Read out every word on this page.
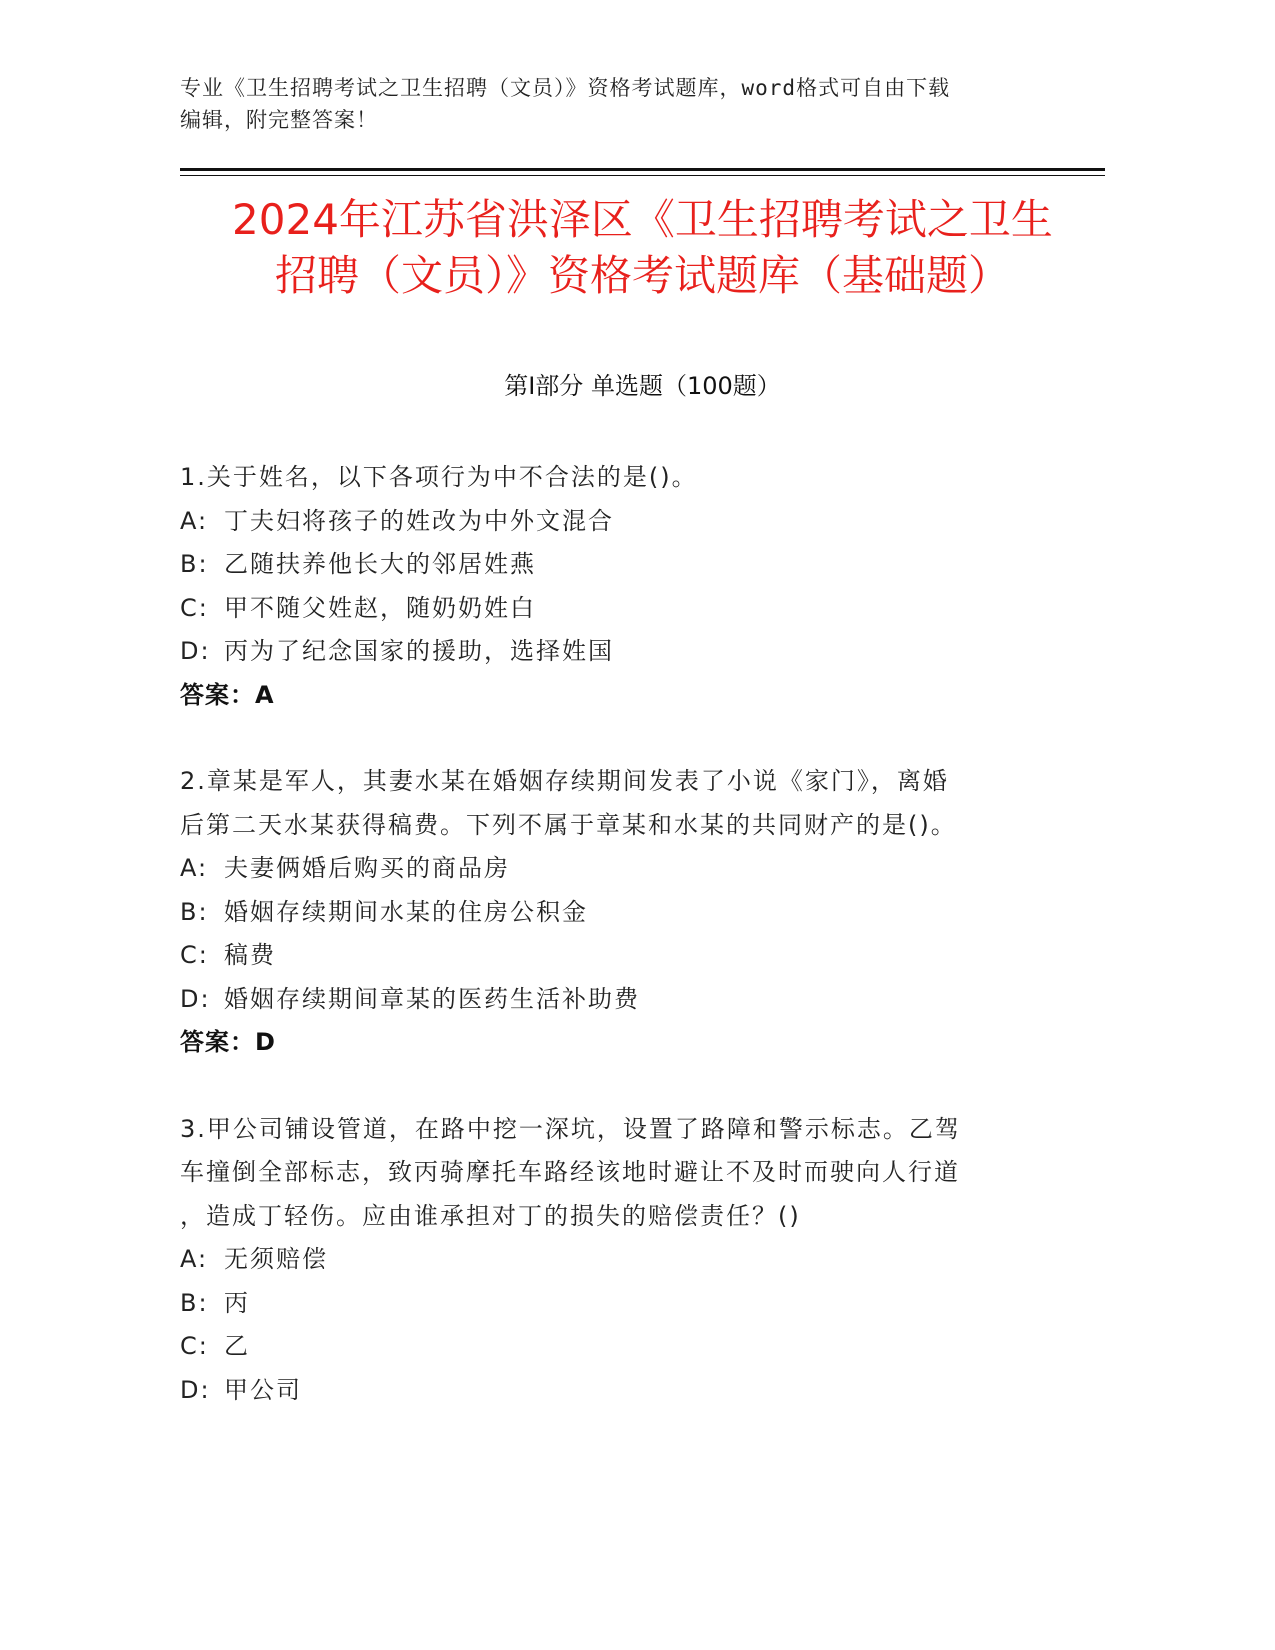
专业《卫生招聘考试之卫生招聘（文员）》资格考试题库，word格式可自由下载
编辑，附完整答案！
2024年江苏省洪泽区《卫生招聘考试之卫生
招聘（文员）》资格考试题库（基础题）
第Ⅰ部分 单选题（100题）
1.关于姓名，以下各项行为中不合法的是()。
A: 丁夫妇将孩子的姓改为中外文混合
B: 乙随扶养他长大的邻居姓燕
C: 甲不随父姓赵，随奶奶姓白
D: 丙为了纪念国家的援助，选择姓国
答案：A
2.章某是军人，其妻水某在婚姻存续期间发表了小说《家门》，离婚
后第二天水某获得稿费。下列不属于章某和水某的共同财产的是()。
A: 夫妻俩婚后购买的商品房
B: 婚姻存续期间水某的住房公积金
C: 稿费
D: 婚姻存续期间章某的医药生活补助费
答案：D
3.甲公司铺设管道，在路中挖一深坑，设置了路障和警示标志。乙驾
车撞倒全部标志，致丙骑摩托车路经该地时避让不及时而驶向人行道
，造成丁轻伤。应由谁承担对丁的损失的赔偿责任？()
A: 无须赔偿
B: 丙
C: 乙
D: 甲公司
